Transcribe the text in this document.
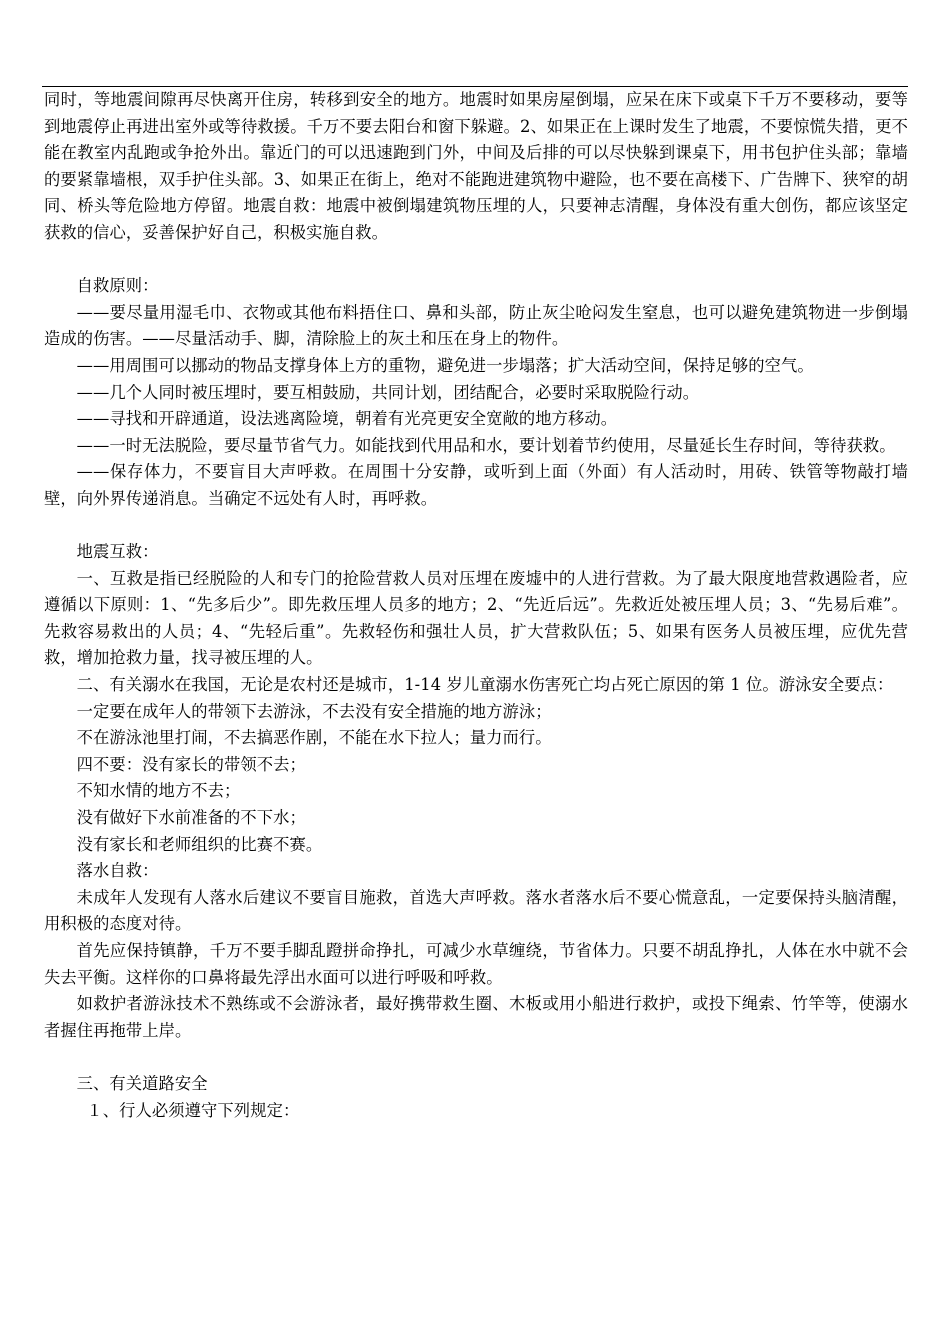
同时，等地震间隙再尽快离开住房，转移到安全的地方。地震时如果房屋倒塌，应呆在床下或桌下千万不要移动，要等到地震停止再进出室外或等待救援。千万不要去阳台和窗下躲避。2、如果正在上课时发生了地震，不要惊慌失措，更不能在教室内乱跑或争抢外出。靠近门的可以迅速跑到门外，中间及后排的可以尽快躲到课桌下，用书包护住头部；靠墙的要紧靠墙根，双手护住头部。3、如果正在街上，绝对不能跑进建筑物中避险，也不要在高楼下、广告牌下、狭窄的胡同、桥头等危险地方停留。地震自救：地震中被倒塌建筑物压埋的人，只要神志清醒，身体没有重大创伤，都应该坚定获救的信心，妥善保护好自己，积极实施自救。

自救原则：

——要尽量用湿毛巾、衣物或其他布料捂住口、鼻和头部，防止灰尘呛闷发生窒息，也可以避免建筑物进一步倒塌造成的伤害。——尽量活动手、脚，清除脸上的灰土和压在身上的物件。

——用周围可以挪动的物品支撑身体上方的重物，避免进一步塌落；扩大活动空间，保持足够的空气。

——几个人同时被压埋时，要互相鼓励，共同计划，团结配合，必要时采取脱险行动。

——寻找和开辟通道，设法逃离险境，朝着有光亮更安全宽敞的地方移动。

——一时无法脱险，要尽量节省气力。如能找到代用品和水，要计划着节约使用，尽量延长生存时间，等待获救。

——保存体力，不要盲目大声呼救。在周围十分安静，或听到上面（外面）有人活动时，用砖、铁管等物敲打墙壁，向外界传递消息。当确定不远处有人时，再呼救。

地震互救：

一、互救是指已经脱险的人和专门的抢险营救人员对压埋在废墟中的人进行营救。为了最大限度地营救遇险者，应遵循以下原则：1、“先多后少”。即先救压埋人员多的地方；2、“先近后远”。先救近处被压埋人员；3、“先易后难”。先救容易救出的人员；4、“先轻后重”。先救轻伤和强壮人员，扩大营救队伍；5、如果有医务人员被压埋，应优先营救，增加抢救力量，找寻被压埋的人。

二、有关溺水在我国，无论是农村还是城市，1-14 岁儿童溺水伤害死亡均占死亡原因的第 1 位。游泳安全要点：

一定要在成年人的带领下去游泳，不去没有安全措施的地方游泳；

不在游泳池里打闹，不去搞恶作剧，不能在水下拉人；量力而行。

四不要：没有家长的带领不去；

不知水情的地方不去；

没有做好下水前准备的不下水；

没有家长和老师组织的比赛不赛。

落水自救：

未成年人发现有人落水后建议不要盲目施救，首选大声呼救。落水者落水后不要心慌意乱，一定要保持头脑清醒，用积极的态度对待。

首先应保持镇静，千万不要手脚乱蹬拼命挣扎，可减少水草缠绕，节省体力。只要不胡乱挣扎，人体在水中就不会失去平衡。这样你的口鼻将最先浮出水面可以进行呼吸和呼救。

如救护者游泳技术不熟练或不会游泳者，最好携带救生圈、木板或用小船进行救护，或投下绳索、竹竿等，使溺水者握住再拖带上岸。

三、有关道路安全

１、行人必须遵守下列规定：
